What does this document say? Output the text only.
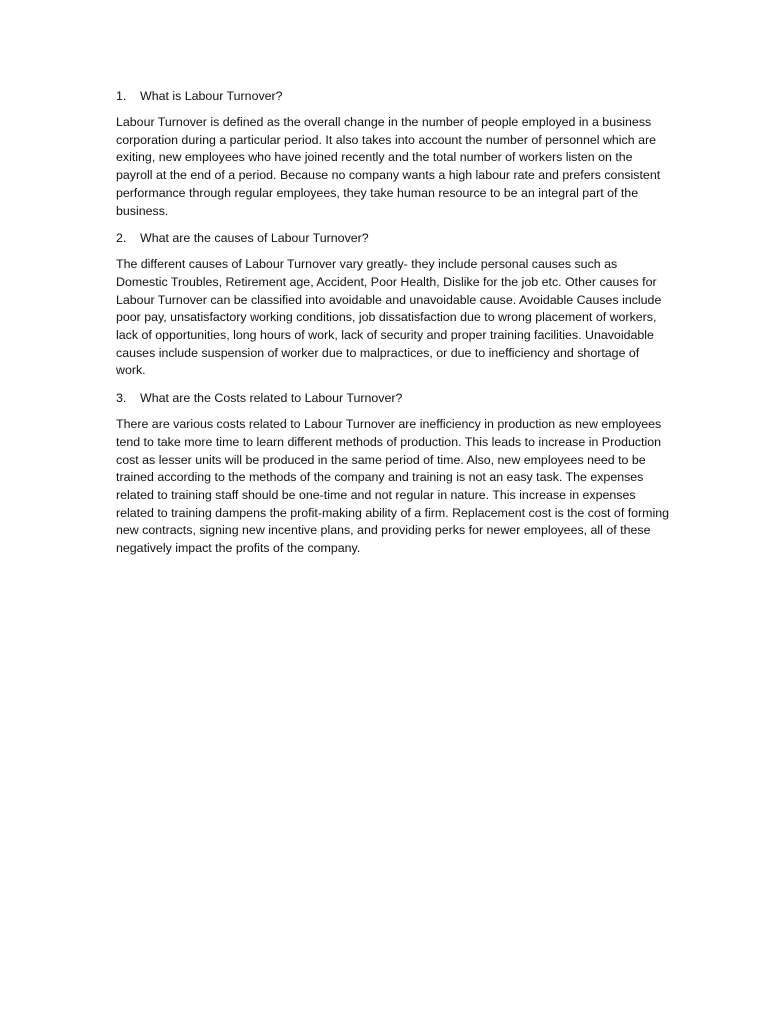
1.	What is Labour Turnover?

Labour Turnover is defined as the overall change in the number of people employed in a business corporation during a particular period. It also takes into account the number of personnel which are exiting, new employees who have joined recently and the total number of workers listen on the payroll at the end of a period. Because no company wants a high labour rate and prefers consistent performance through regular employees, they take human resource to be an integral part of the business.

2.	What are the causes of Labour Turnover?

The different causes of Labour Turnover vary greatly- they include personal causes such as Domestic Troubles, Retirement age, Accident, Poor Health, Dislike for the job etc. Other causes for Labour Turnover can be classified into avoidable and unavoidable cause. Avoidable Causes include poor pay, unsatisfactory working conditions, job dissatisfaction due to wrong placement of workers, lack of opportunities, long hours of work, lack of security and proper training facilities. Unavoidable causes include suspension of worker due to malpractices, or due to inefficiency and shortage of work.

3.	What are the Costs related to Labour Turnover?

There are various costs related to Labour Turnover are inefficiency in production as new employees tend to take more time to learn different methods of production. This leads to increase in Production cost as lesser units will be produced in the same period of time. Also, new employees need to be trained according to the methods of the company and training is not an easy task. The expenses related to training staff should be one-time and not regular in nature. This increase in expenses related to training dampens the profit-making ability of a firm. Replacement cost is the cost of forming new contracts, signing new incentive plans, and providing perks for newer employees, all of these negatively impact the profits of the company.
